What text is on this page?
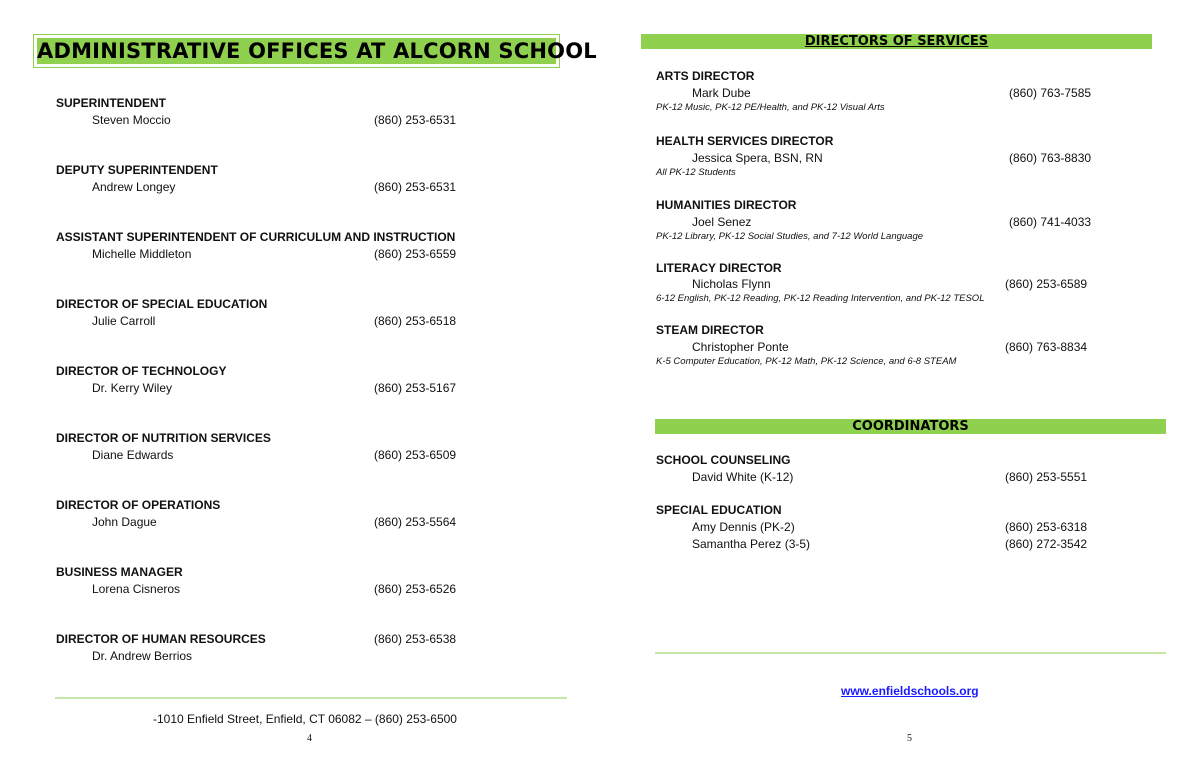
ADMINISTRATIVE OFFICES AT ALCORN SCHOOL
SUPERINTENDENT
Steven Moccio	(860) 253-6531
DEPUTY SUPERINTENDENT
Andrew Longey	(860) 253-6531
ASSISTANT SUPERINTENDENT OF CURRICULUM AND INSTRUCTION
Michelle Middleton	(860) 253-6559
DIRECTOR OF SPECIAL EDUCATION
Julie Carroll	(860) 253-6518
DIRECTOR OF TECHNOLOGY
Dr. Kerry Wiley	(860) 253-5167
DIRECTOR OF NUTRITION SERVICES
Diane Edwards	(860) 253-6509
DIRECTOR OF OPERATIONS
John Dague	(860) 253-5564
BUSINESS MANAGER
Lorena Cisneros	(860) 253-6526
DIRECTOR OF HUMAN RESOURCES	(860) 253-6538
Dr. Andrew Berrios
-1010 Enfield Street, Enfield, CT 06082 – (860) 253-6500
4
DIRECTORS OF SERVICES
ARTS DIRECTOR
Mark Dube	(860) 763-7585
PK-12 Music, PK-12 PE/Health, and PK-12 Visual Arts
HEALTH SERVICES DIRECTOR
Jessica Spera, BSN, RN	(860) 763-8830
All PK-12 Students
HUMANITIES DIRECTOR
Joel Senez	(860) 741-4033
PK-12 Library, PK-12 Social Studies, and 7-12 World Language
LITERACY DIRECTOR
Nicholas Flynn	(860) 253-6589
6-12 English, PK-12 Reading, PK-12 Reading Intervention, and PK-12 TESOL
STEAM DIRECTOR
Christopher Ponte	(860) 763-8834
K-5 Computer Education, PK-12 Math, PK-12 Science, and 6-8 STEAM
COORDINATORS
SCHOOL COUNSELING
David White (K-12)	(860) 253-5551
SPECIAL EDUCATION
Amy Dennis (PK-2)	(860) 253-6318
Samantha Perez (3-5)	(860) 272-3542
www.enfieldschools.org
5
